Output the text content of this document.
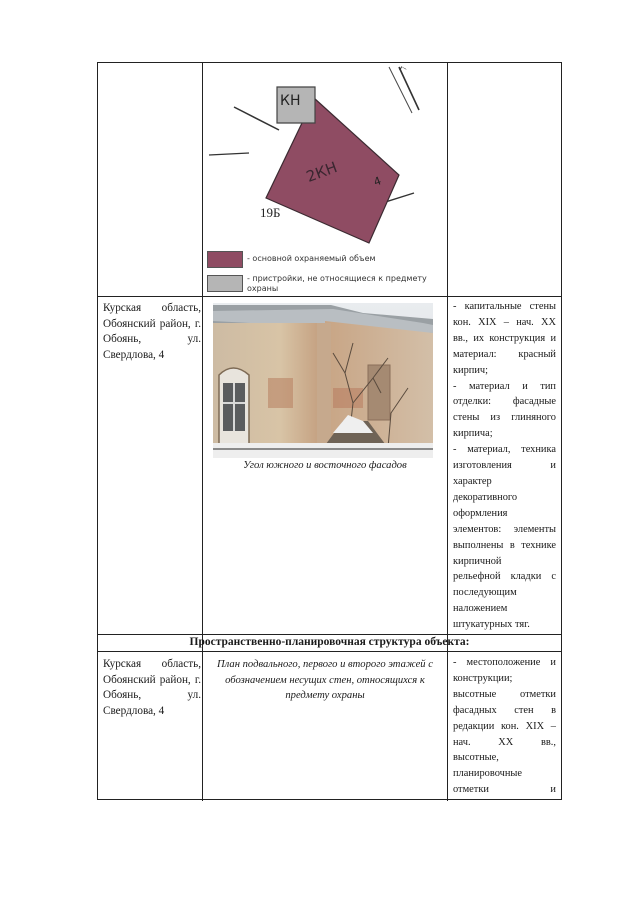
ℸ
КН
2КН	4
19Б
- основной охраняемый объем
- пристройки, не относящиеся к предмету охраны
Курская область, Обоянский район, г. Обоянь, ул. Свердлова, 4
Угол южного и восточного фасадов
- капитальные стены
кон. XIX – нач. XX
вв., их конструкция и
материал: красный
кирпич;
- материал и тип
отделки: фасадные
стены из глиняного
кирпича;
- материал, техника
изготовления и
характер
декоративного
оформления
элементов: элементы
выполнены в технике
кирпичной
рельефной кладки с
последующим
наложением
штукатурных тяг.
Пространственно-планировочная структура объекта:
Курская область, Обоянский район, г. Обоянь, ул. Свердлова, 4
План подвального, первого и второго этажей с обозначением несущих стен, относящихся к предмету охраны
- местоположение и
конструкции;
высотные отметки
фасадных стен в
редакции кон. XIX –
нач. XX вв.,
высотные,
планировочные
отметки и
